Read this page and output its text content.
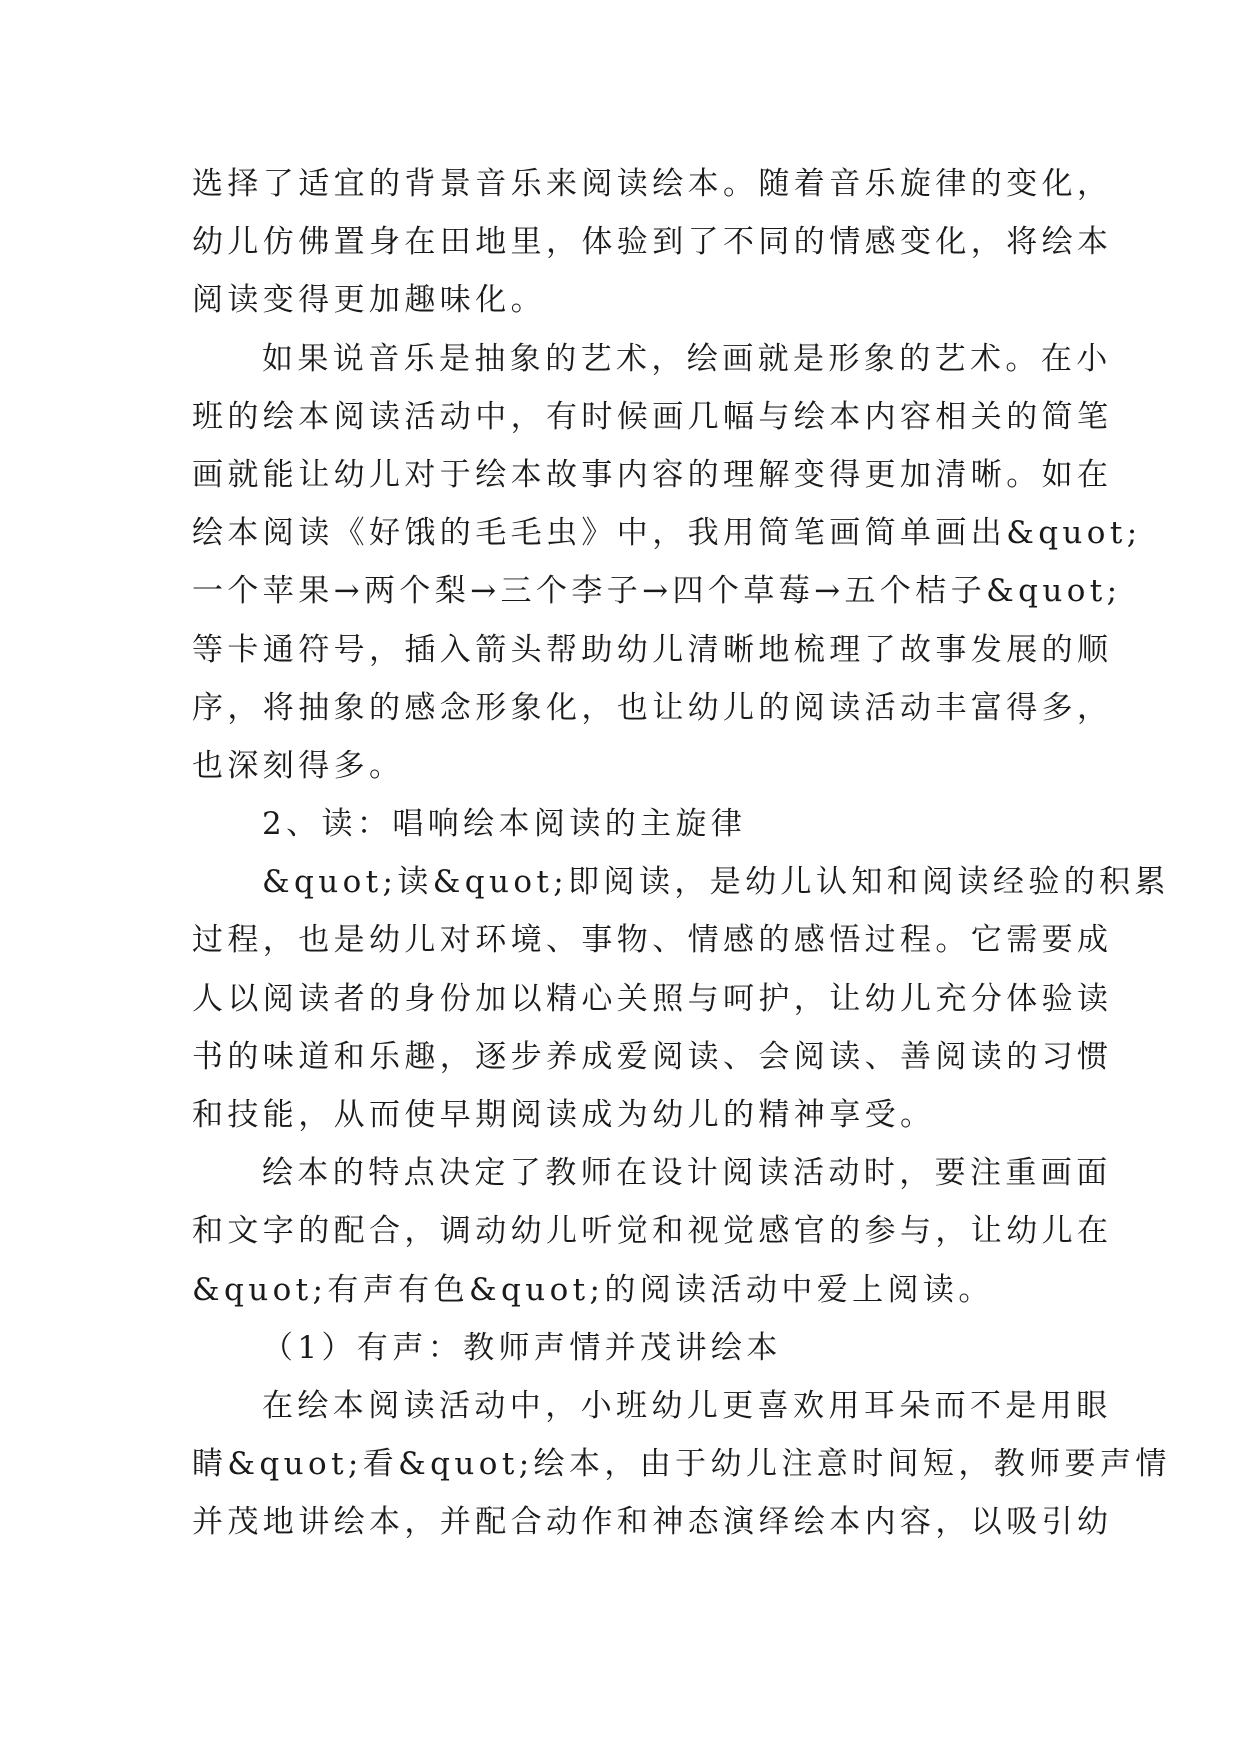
选择了适宜的背景音乐来阅读绘本。随着音乐旋律的变化，
幼儿仿佛置身在田地里，体验到了不同的情感变化，将绘本
阅读变得更加趣味化。
如果说音乐是抽象的艺术，绘画就是形象的艺术。在小
班的绘本阅读活动中，有时候画几幅与绘本内容相关的简笔
画就能让幼儿对于绘本故事内容的理解变得更加清晰。如在
绘本阅读《好饿的毛毛虫》中，我用简笔画简单画出&quot;
一个苹果→两个梨→三个李子→四个草莓→五个桔子&quot;
等卡通符号，插入箭头帮助幼儿清晰地梳理了故事发展的顺
序，将抽象的感念形象化，也让幼儿的阅读活动丰富得多，
也深刻得多。
2、读：唱响绘本阅读的主旋律
&quot;读&quot;即阅读，是幼儿认知和阅读经验的积累
过程，也是幼儿对环境、事物、情感的感悟过程。它需要成
人以阅读者的身份加以精心关照与呵护，让幼儿充分体验读
书的味道和乐趣，逐步养成爱阅读、会阅读、善阅读的习惯
和技能，从而使早期阅读成为幼儿的精神享受。
绘本的特点决定了教师在设计阅读活动时，要注重画面
和文字的配合，调动幼儿听觉和视觉感官的参与，让幼儿在
&quot;有声有色&quot;的阅读活动中爱上阅读。
（1）有声：教师声情并茂讲绘本
在绘本阅读活动中，小班幼儿更喜欢用耳朵而不是用眼
睛&quot;看&quot;绘本，由于幼儿注意时间短，教师要声情
并茂地讲绘本，并配合动作和神态演绎绘本内容，以吸引幼
